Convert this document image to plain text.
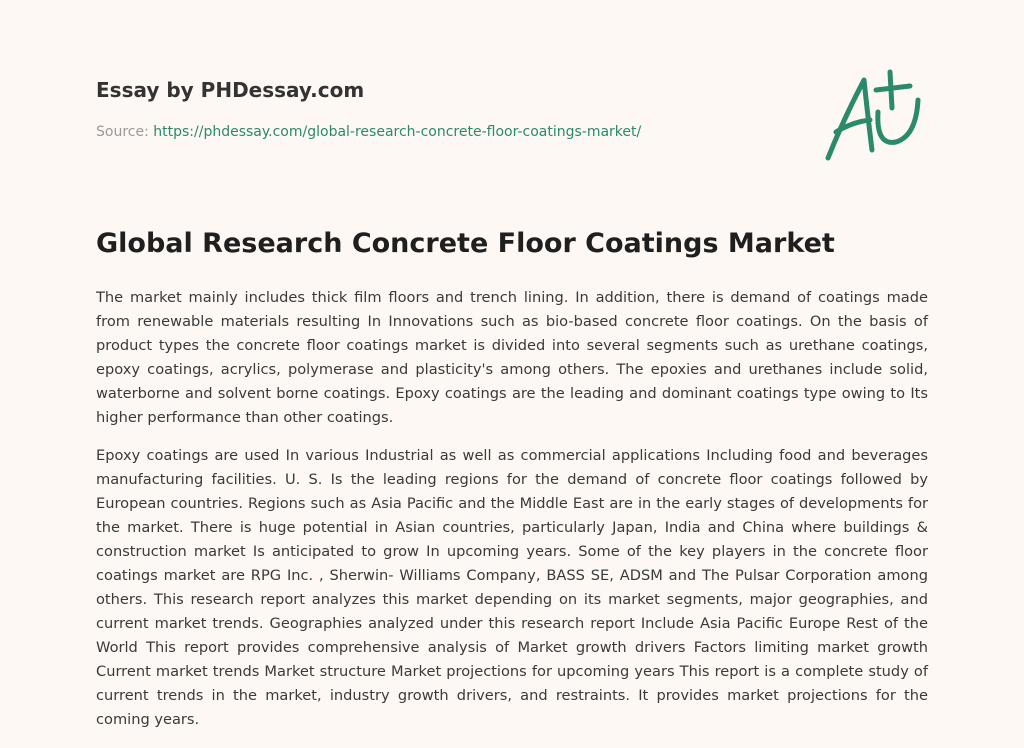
Essay by PHDessay.com
Source: https://phdessay.com/global-research-concrete-floor-coatings-market/
Global Research Concrete Floor Coatings Market

The market mainly includes thick film floors and trench lining. In addition, there is demand of coatings made from renewable materials resulting In Innovations such as bio-based concrete floor coatings. On the basis of product types the concrete floor coatings market is divided into several segments such as urethane coatings, epoxy coatings, acrylics, polymerase and plasticity's among others. The epoxies and urethanes include solid, waterborne and solvent borne coatings. Epoxy coatings are the leading and dominant coatings type owing to Its higher performance than other coatings.

Epoxy coatings are used In various Industrial as well as commercial applications Including food and beverages manufacturing facilities. U. S. Is the leading regions for the demand of concrete floor coatings followed by European countries. Regions such as Asia Pacific and the Middle East are in the early stages of developments for the market. There is huge potential in Asian countries, particularly Japan, India and China where buildings & construction market Is anticipated to grow In upcoming years. Some of the key players in the concrete floor coatings market are RPG Inc. , Sherwin- Williams Company, BASS SE, ADSM and The Pulsar Corporation among others. This research report analyzes this market depending on its market segments, major geographies, and current market trends. Geographies analyzed under this research report Include Asia Pacific Europe Rest of the World This report provides comprehensive analysis of Market growth drivers Factors limiting market growth Current market trends Market structure Market projections for upcoming years This report is a complete study of current trends in the market, industry growth drivers, and restraints. It provides market projections for the coming years.
